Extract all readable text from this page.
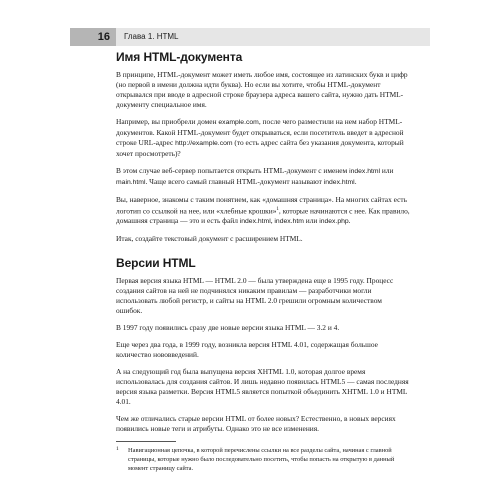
16	Глава 1. HTML
Имя HTML-документа

В принципе, HTML-документ может иметь любое имя, состоящее из латинских букв и цифр (но первой в имени должна идти буква). Но если вы хотите, чтобы HTML-документ открывался при вводе в адресной строке браузера адреса вашего сайта, нужно дать HTML-документу специальное имя.

Например, вы приобрели домен example.com, после чего разместили на нем набор HTML-документов. Какой HTML-документ будет открываться, если посетитель введет в адресной строке URL-адрес http://example.com (то есть адрес сайта без указания документа, который хочет просмотреть)?

В этом случае веб-сервер попытается открыть HTML-документ с именем index.html или main.html. Чаще всего самый главный HTML-документ называют index.html.

Вы, наверное, знакомы с таким понятием, как «домашняя страница». На многих сайтах есть логотип со ссылкой на нее, или «хлебные крошки»$^1$, которые начинаются с нее. Как правило, домашняя страница — это и есть файл index.html, index.htm или index.php.

Итак, создайте текстовый документ с расширением HTML.

Версии HTML

Первая версия языка HTML — HTML 2.0 — была утверждена еще в 1995 году. Процесс создания сайтов на ней не подчинялся никаким правилам — разработчики могли использовать любой регистр, и сайты на HTML 2.0 грешили огромным количеством ошибок.

В 1997 году появились сразу две новые версии языка HTML — 3.2 и 4.

Еще через два года, в 1999 году, возникла версия HTML 4.01, содержащая большое количество нововведений.

А на следующий год была выпущена версия XHTML 1.0, которая долгое время использовалась для создания сайтов. И лишь недавно появилась HTML5 — самая последняя версия языка разметки. Версия HTML5 является попыткой объединить XHTML 1.0 и HTML 4.01.

Чем же отличались старые версии HTML от более новых? Естественно, в новых версиях появились новые теги и атрибуты. Однако это не все изменения.

1 Навигационная цепочка, в которой перечислены ссылки на все разделы сайта, начиная с главной страницы, которые нужно было последовательно посетить, чтобы попасть на открытую в данный момент страницу сайта.
